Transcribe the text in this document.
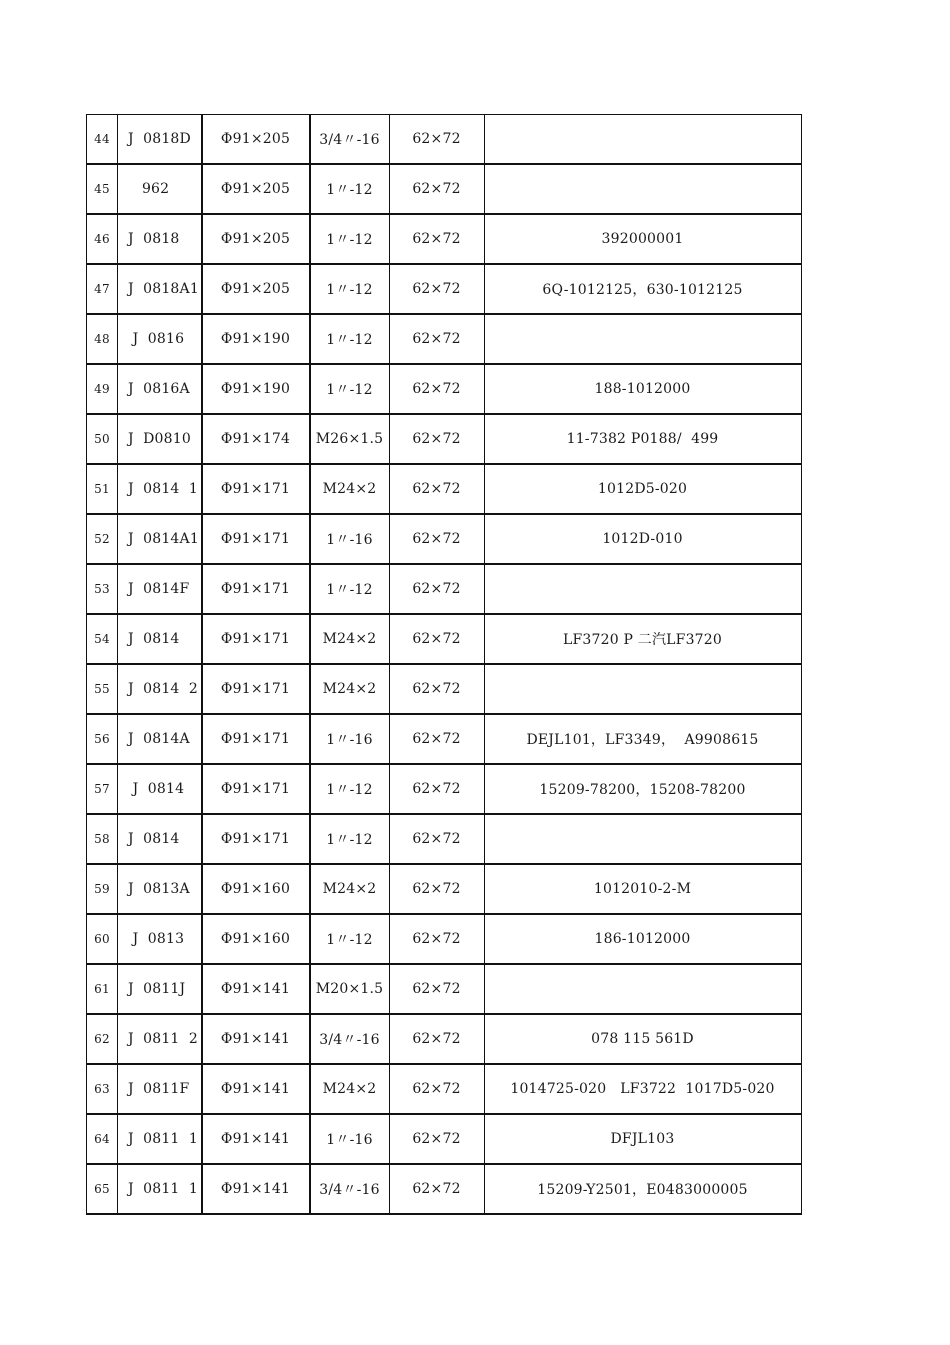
44	J  0818D	Φ91×205	3/4〃-16	62×72	
45	962	Φ91×205	1〃-12	62×72	
46	J  0818	Φ91×205	1〃-12	62×72	392000001
47	J  0818A1	Φ91×205	1〃-12	62×72	6Q-1012125，630-1012125
48	J  0816	Φ91×190	1〃-12	62×72	
49	J  0816A	Φ91×190	1〃-12	62×72	188-1012000
50	J  D0810	Φ91×174	M26×1.5	62×72	11-7382 P0188/  499
51	J  0814  1	Φ91×171	M24×2	62×72	1012D5-020
52	J  0814A1	Φ91×171	1〃-16	62×72	1012D-010
53	J  0814F	Φ91×171	1〃-12	62×72	
54	J  0814	Φ91×171	M24×2	62×72	LF3720 P 二汽LF3720
55	J  0814  2	Φ91×171	M24×2	62×72	
56	J  0814A	Φ91×171	1〃-16	62×72	DEJL101，LF3349，  A9908615
57	J  0814	Φ91×171	1〃-12	62×72	15209-78200，15208-78200
58	J  0814	Φ91×171	1〃-12	62×72	
59	J  0813A	Φ91×160	M24×2	62×72	1012010-2-M
60	J  0813	Φ91×160	1〃-12	62×72	186-1012000
61	J  0811J	Φ91×141	M20×1.5	62×72	
62	J  0811  2	Φ91×141	3/4〃-16	62×72	078 115 561D
63	J  0811F	Φ91×141	M24×2	62×72	1014725-020   LF3722  1017D5-020
64	J  0811  1	Φ91×141	1〃-16	62×72	DFJL103
65	J  0811  1	Φ91×141	3/4〃-16	62×72	15209-Y2501，E0483000005
